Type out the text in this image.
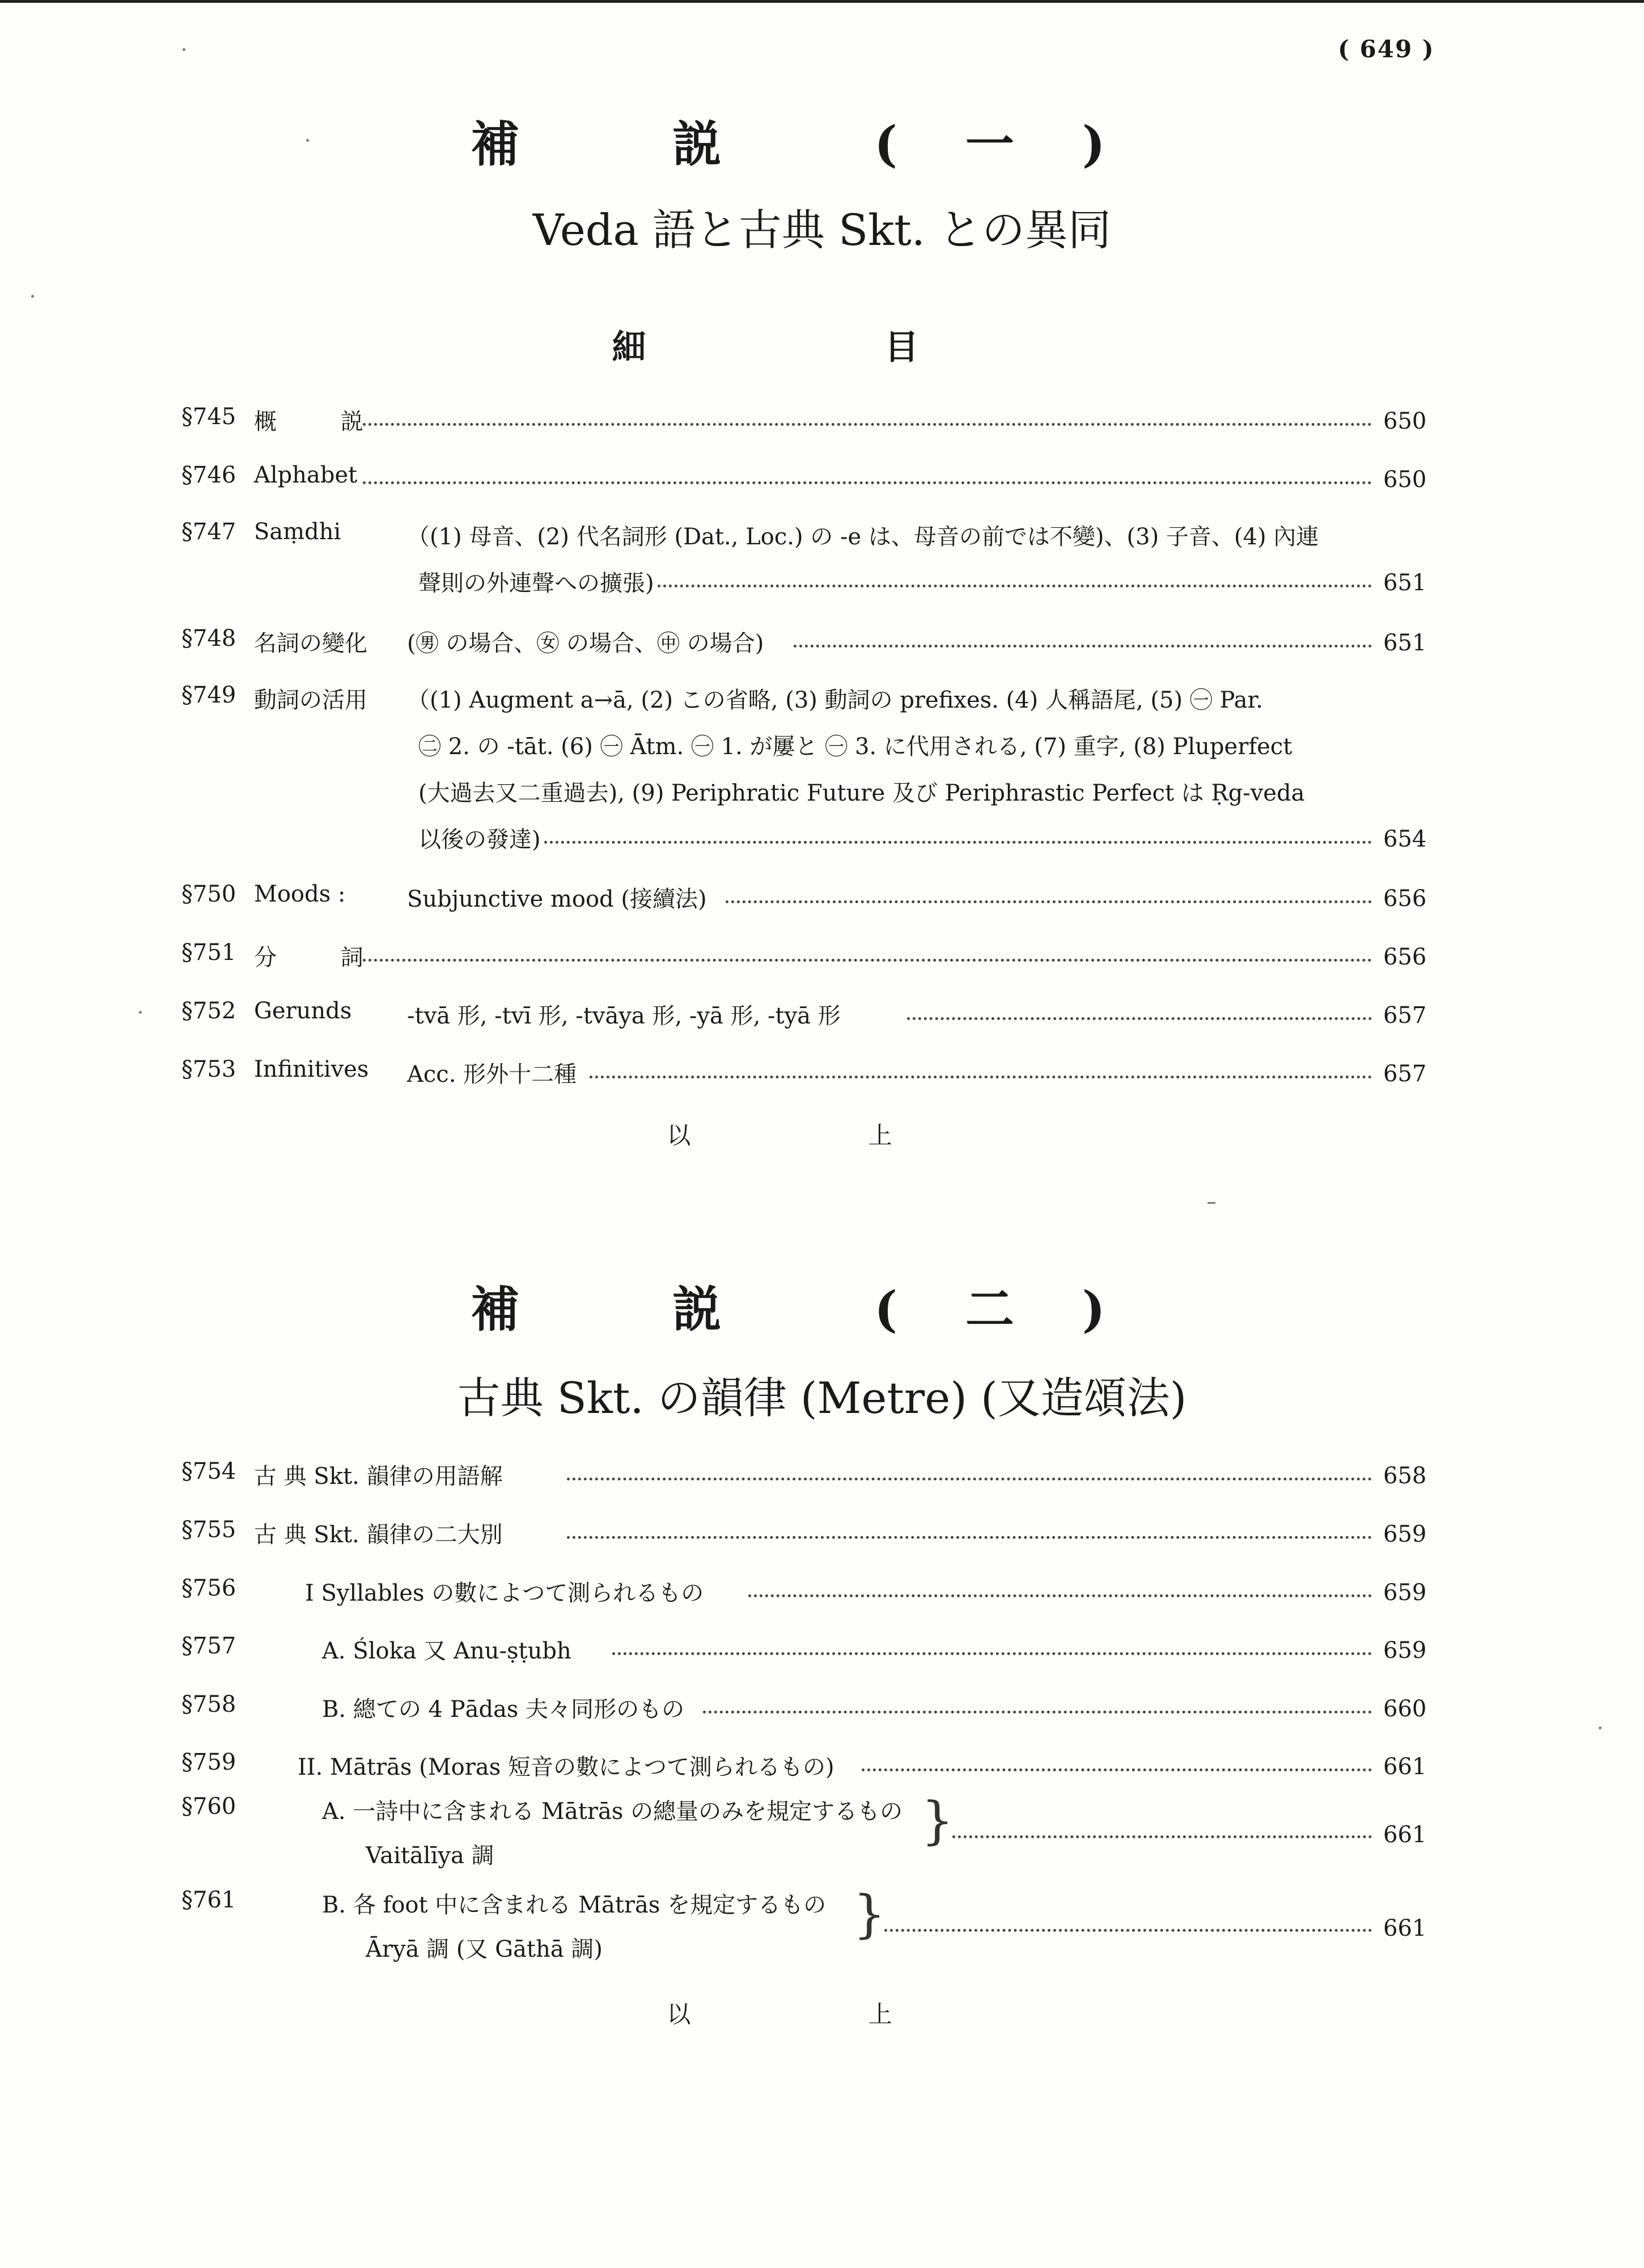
( 649 )
補 説 (一)
Veda 語と古典 Skt. との異同
細 目
§745 概 説	650
§746 Alphabet	650
§747 Saṃdhi	（(1) 母音、(2) 代名詞形 (Dat., Loc.) の -e は、母音の前では不變)、(3) 子音、(4) 內連
聲則の外連聲への擴張)	651
§748 名詞の變化 (㊚ の場合、㊛ の場合、㊥ の場合)	651
§749 動詞の活用 （(1) Augment a→ā, (2) この省略, (3) 動詞の prefixes. (4) 人稱語尾, (5) ㊀ Par.
㊁ 2. の -tāt. (6) ㊀ Ātm. ㊀ 1. が屢と ㊀ 3. に代用される, (7) 重字, (8) Pluperfect
(大過去又二重過去), (9) Periphratic Future 及び Periphrastic Perfect は Ṛg-veda
以後の發達)	654
§750 Moods :	Subjunctive mood (接續法)	656
§751 分 詞	656
§752 Gerunds -tvā 形, -tvī 形, -tvāya 形, -yā 形, -tyā 形	657
§753 Infinitives Acc. 形外十二種	657
以 上
補 説 (二)
古典 Skt. の韻律 (Metre) (又造頌法)
§754 古 典 Skt. 韻律の用語解	658
§755 古 典 Skt. 韻律の二大別	659
§756	I Syllables の數によつて測られるもの	659
§757	A. Śloka 又 Anu-ṣṭubh	659
§758	B. 總ての 4 Pādas 夫々同形のもの	660
§759	II. Mātrās (Moras 短音の數によつて測られるもの)	661
§760	A. 一詩中に含まれる Mātrās の總量のみを規定するもの
Vaitālīya 調
}	661
§761	B. 各 foot 中に含まれる Mātrās を規定するもの
Āryā 調 (又 Gāthā 調)
}	661
以 上
